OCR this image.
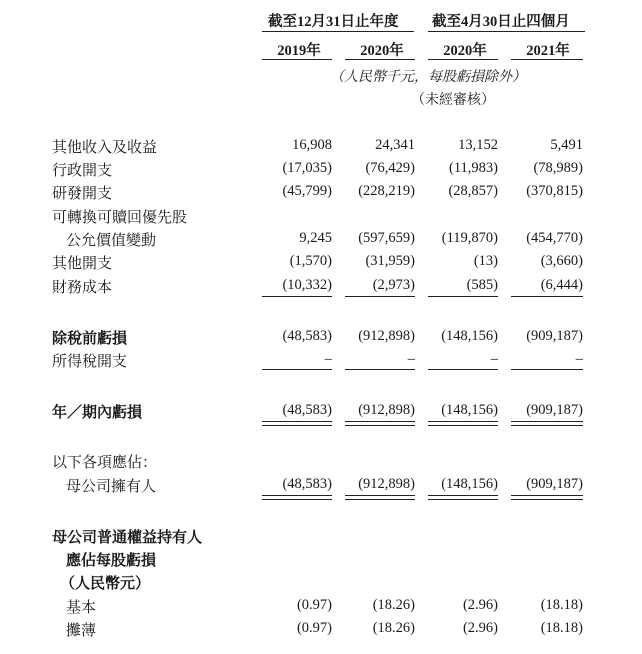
截至12月31日止年度 截至4月30日止四個月
2019年	2020年	2020年	2021年
（人民幣千元，每股虧損除外）
（未經審核）
其他收入及收益	16,908	24,341	13,152	5,491
行政開支	(17,035)	(76,429)	(11,983)	(78,989)
研發開支	(45,799)	(228,219)	(28,857)	(370,815)
可轉換可贖回優先股
公允價值變動	9,245	(597,659)	(119,870)	(454,770)
其他開支	(1,570)	(31,959)	(13)	(3,660)
財務成本	(10,332)	(2,973)	(585)	(6,444)
除稅前虧損	(48,583)	(912,898)	(148,156)	(909,187)
所得稅開支	–	–	–	–
年／期內虧損	(48,583)	(912,898)	(148,156)	(909,187)
以下各項應佔：
母公司擁有人	(48,583)	(912,898)	(148,156)	(909,187)
母公司普通權益持有人
應佔每股虧損
（人民幣元）
基本	(0.97)	(18.26)	(2.96)	(18.18)
攤薄	(0.97)	(18.26)	(2.96)	(18.18)
